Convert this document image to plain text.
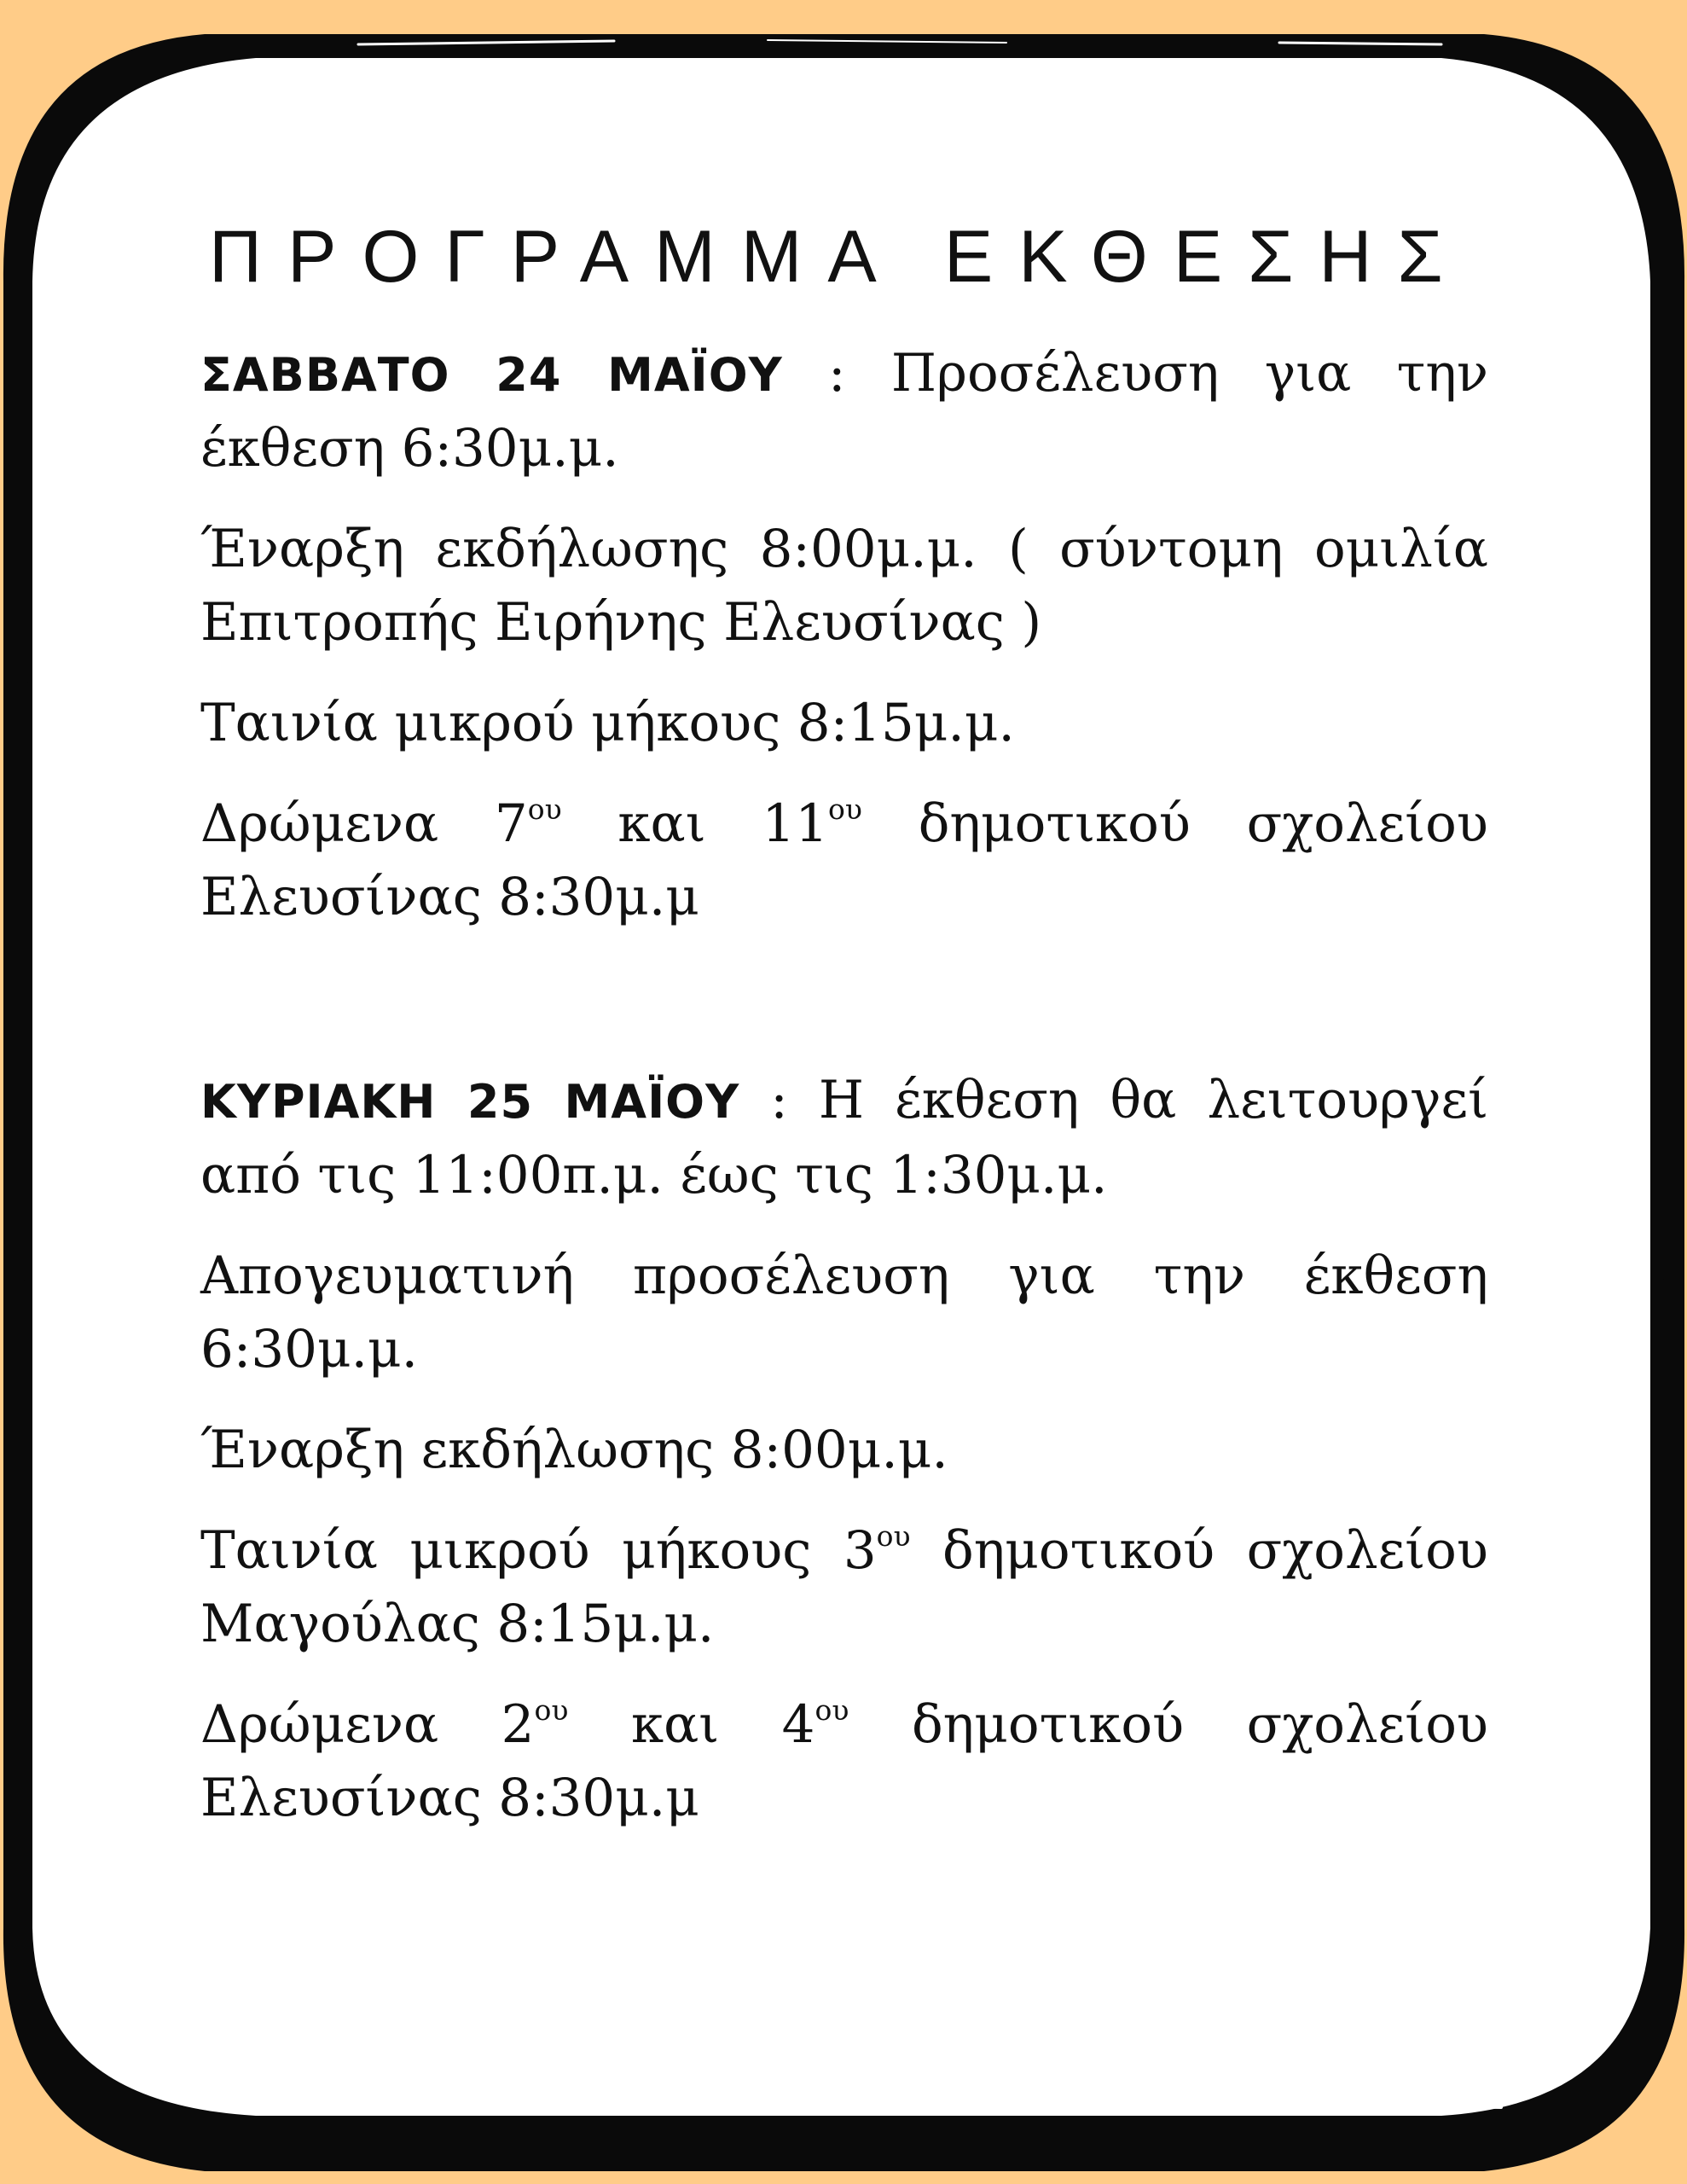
ΠΡΟΓΡΑΜΜΑ ΕΚΘΕΣΗΣ
ΣΑΒΒΑΤΟ 24 ΜΑΪΟΥ : Προσέλευση για την έκθεση 6:30μ.μ.
Έναρξη εκδήλωσης 8:00μ.μ. ( σύντομη ομιλία Επιτροπής Ειρήνης Ελευσίνας )
Ταινία μικρού μήκους 8:15μ.μ.
Δρώμενα $7^{o\upsilon}$ και $11^{o\upsilon}$ δημοτικού σχολείου Ελευσίνας 8:30μ.μ
ΚΥΡΙΑΚΗ 25 ΜΑΪΟΥ : Η έκθεση θα λειτουργεί από τις 11:00π.μ. έως τις 1:30μ.μ.
Απογευματινή προσέλευση για την έκθεση 6:30μ.μ.
Έναρξη εκδήλωσης 8:00μ.μ.
Ταινία μικρού μήκους $3^{o\upsilon}$ δημοτικού σχολείου Μαγούλας 8:15μ.μ.
Δρώμενα $2^{o\upsilon}$ και $4^{o\upsilon}$ δημοτικού σχολείου Ελευσίνας 8:30μ.μ
